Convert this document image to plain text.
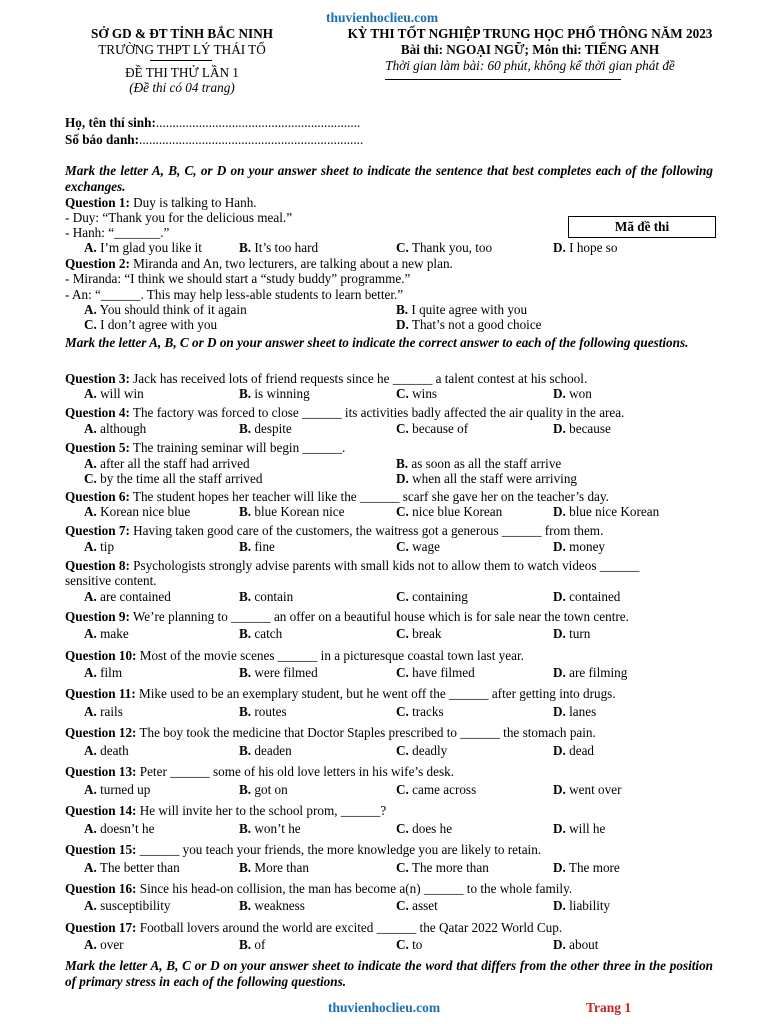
thuvienhoclieu.com
SỞ GD & ĐT TỈNH BẮC NINH
TRƯỜNG THPT LÝ THÁI TỔ
ĐỀ THI THỬ LẦN 1
(Đề thi có 04 trang)
KỲ THI TỐT NGHIỆP TRUNG HỌC PHỔ THÔNG NĂM 2023
Bài thi: NGOẠI NGỮ; Môn thi: TIẾNG ANH
Thời gian làm bài: 60 phút, không kể thời gian phát đề
Họ, tên thí sinh:..............................................................
Số báo danh:....................................................................
Mark the letter A, B, C, or D on your answer sheet to indicate the sentence that best completes each of the following exchanges.
Question 1: Duy is talking to Hanh.
- Duy: “Thank you for the delicious meal.”
- Hanh: “_______.”	Mã đề thi
A. I’m glad you like it	B. It’s too hard	C. Thank you, too	D. I hope so
Question 2: Miranda and An, two lecturers, are talking about a new plan.
- Miranda: “I think we should start a “study buddy” programme.”
- An: “______. This may help less-able students to learn better.”
A. You should think of it again	B. I quite agree with you
C. I don’t agree with you	D. That’s not a good choice
Mark the letter A, B, C or D on your answer sheet to indicate the correct answer to each of the following questions.
Question 3: Jack has received lots of friend requests since he ______ a talent contest at his school.
A. will win	B. is winning	C. wins	D. won
Question 4: The factory was forced to close ______ its activities badly affected the air quality in the area.
A. although	B. despite	C. because of	D. because
Question 5: The training seminar will begin ______.
A. after all the staff had arrived	B. as soon as all the staff arrive
C. by the time all the staff arrived	D. when all the staff were arriving
Question 6: The student hopes her teacher will like the ______ scarf she gave her on the teacher’s day.
A. Korean nice blue	B. blue Korean nice	C. nice blue Korean	D. blue nice Korean
Question 7: Having taken good care of the customers, the waitress got a generous ______ from them.
A. tip	B. fine	C. wage	D. money
Question 8: Psychologists strongly advise parents with small kids not to allow them to watch videos ______
sensitive content.
A. are contained	B. contain	C. containing	D. contained
Question 9: We’re planning to ______ an offer on a beautiful house which is for sale near the town centre.
A. make	B. catch	C. break	D. turn
Question 10: Most of the movie scenes ______ in a picturesque coastal town last year.
A. film	B. were filmed	C. have filmed	D. are filming
Question 11: Mike used to be an exemplary student, but he went off the ______ after getting into drugs.
A. rails	B. routes	C. tracks	D. lanes
Question 12: The boy took the medicine that Doctor Staples prescribed to ______ the stomach pain.
A. death	B. deaden	C. deadly	D. dead
Question 13: Peter ______ some of his old love letters in his wife’s desk.
A. turned up	B. got on	C. came across	D. went over
Question 14: He will invite her to the school prom, ______?
A. doesn’t he	B. won’t he	C. does he	D. will he
Question 15: ______ you teach your friends, the more knowledge you are likely to retain.
A. The better than	B. More than	C. The more than	D. The more
Question 16: Since his head-on collision, the man has become a(n) ______ to the whole family.
A. susceptibility	B. weakness	C. asset	D. liability
Question 17: Football lovers around the world are excited ______ the Qatar 2022 World Cup.
A. over	B. of	C. to	D. about
Mark the letter A, B, C or D on your answer sheet to indicate the word that differs from the other three in the position of primary stress in each of the following questions.
thuvienhoclieu.com	Trang 1
